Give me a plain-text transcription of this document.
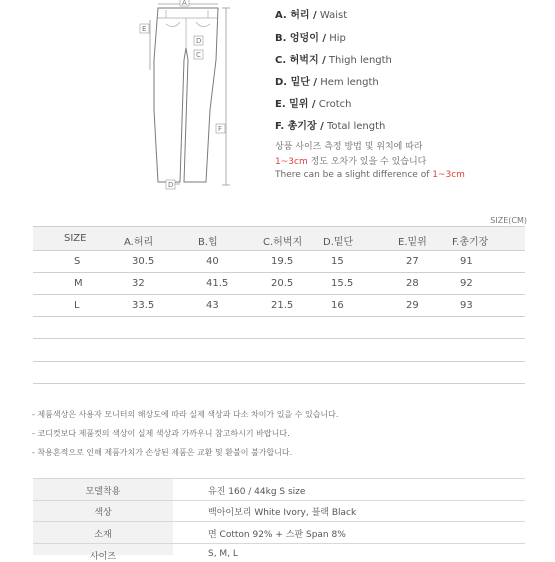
A
E
D
C
F
D
A. 허리 / Waist
B. 엉덩이 / Hip
C. 허벅지 / Thigh length
D. 밑단 / Hem length
E. 밑위 / Crotch
F. 총기장 / Total length
상품 사이즈 측정 방법 및 위치에 따라
1~3cm 정도 오차가 있을 수 있습니다
There can be a slight difference of 1~3cm
SIZE(CM)
SIZE	A.허리	B.힙	C.허벅지 D.밑단	E.밑위	F.총기장
S	30.5	40	19.5	15	27	91
M	32	41.5	20.5	15.5	28	92
L	33.5	43	21.5	16	29	93
- 제품색상은 사용자 모니터의 해상도에 따라 실제 색상과 다소 차이가 있을 수 있습니다.
- 코디컷보다 제품컷의 색상이 실제 색상과 가까우니 참고하시기 바랍니다.
- 착용흔적으로 인해 제품가치가 손상된 제품은 교환 및 환불이 불가합니다.
모델착용	유진 160 / 44kg S size
색상	백아이보리 White Ivory, 블랙 Black
소재	면 Cotton 92% + 스판 Span 8%
사이즈	S, M, L
